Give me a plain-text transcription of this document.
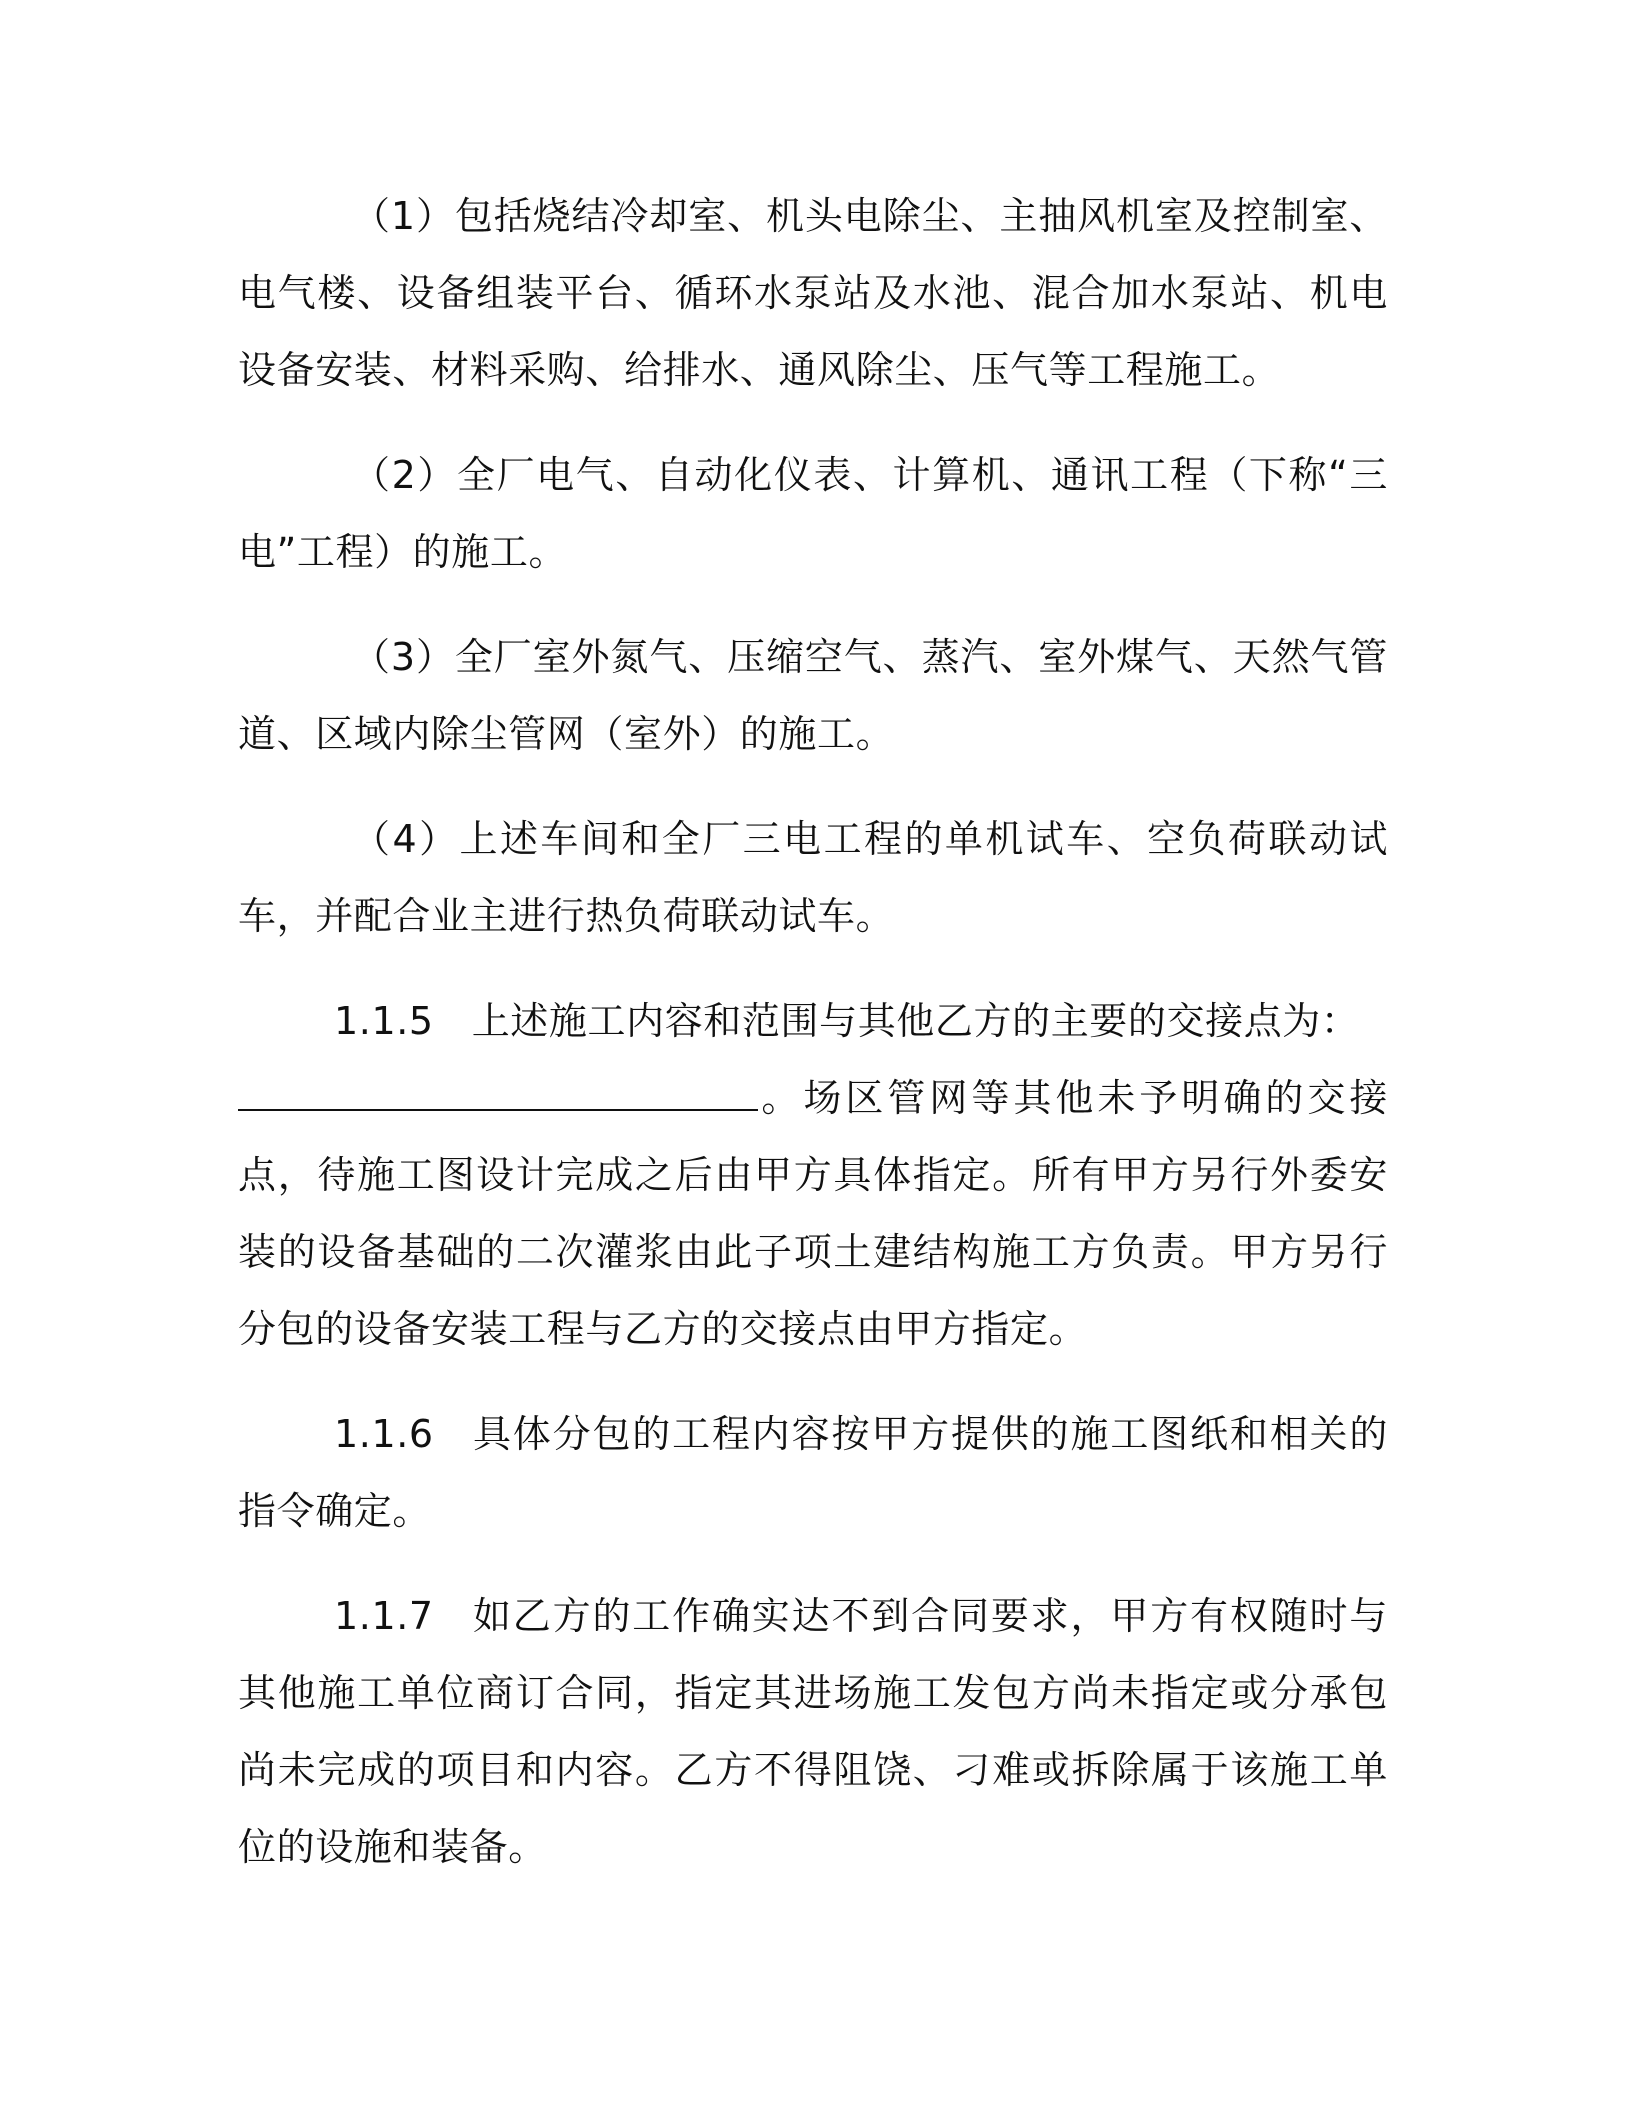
（1）包括烧结冷却室、机头电除尘、主抽风机室及控制室、电气楼、设备组装平台、循环水泵站及水池、混合加水泵站、机电设备安装、材料采购、给排水、通风除尘、压气等工程施工。

（2）全厂电气、自动化仪表、计算机、通讯工程（下称“三电”工程）的施工。

（3）全厂室外氮气、压缩空气、蒸汽、室外煤气、天然气管道、区域内除尘管网（室外）的施工。

（4）上述车间和全厂三电工程的单机试车、空负荷联动试车，并配合业主进行热负荷联动试车。

1.1.5 上述施工内容和范围与其他乙方的主要的交接点为：
。场区管网等其他未予明确的交接点，待施工图设计完成之后由甲方具体指定。所有甲方另行外委安装的设备基础的二次灌浆由此子项土建结构施工方负责。甲方另行分包的设备安装工程与乙方的交接点由甲方指定。

1.1.6 具体分包的工程内容按甲方提供的施工图纸和相关的指令确定。

1.1.7 如乙方的工作确实达不到合同要求，甲方有权随时与其他施工单位商订合同，指定其进场施工发包方尚未指定或分承包尚未完成的项目和内容。乙方不得阻饶、刁难或拆除属于该施工单位的设施和装备。
